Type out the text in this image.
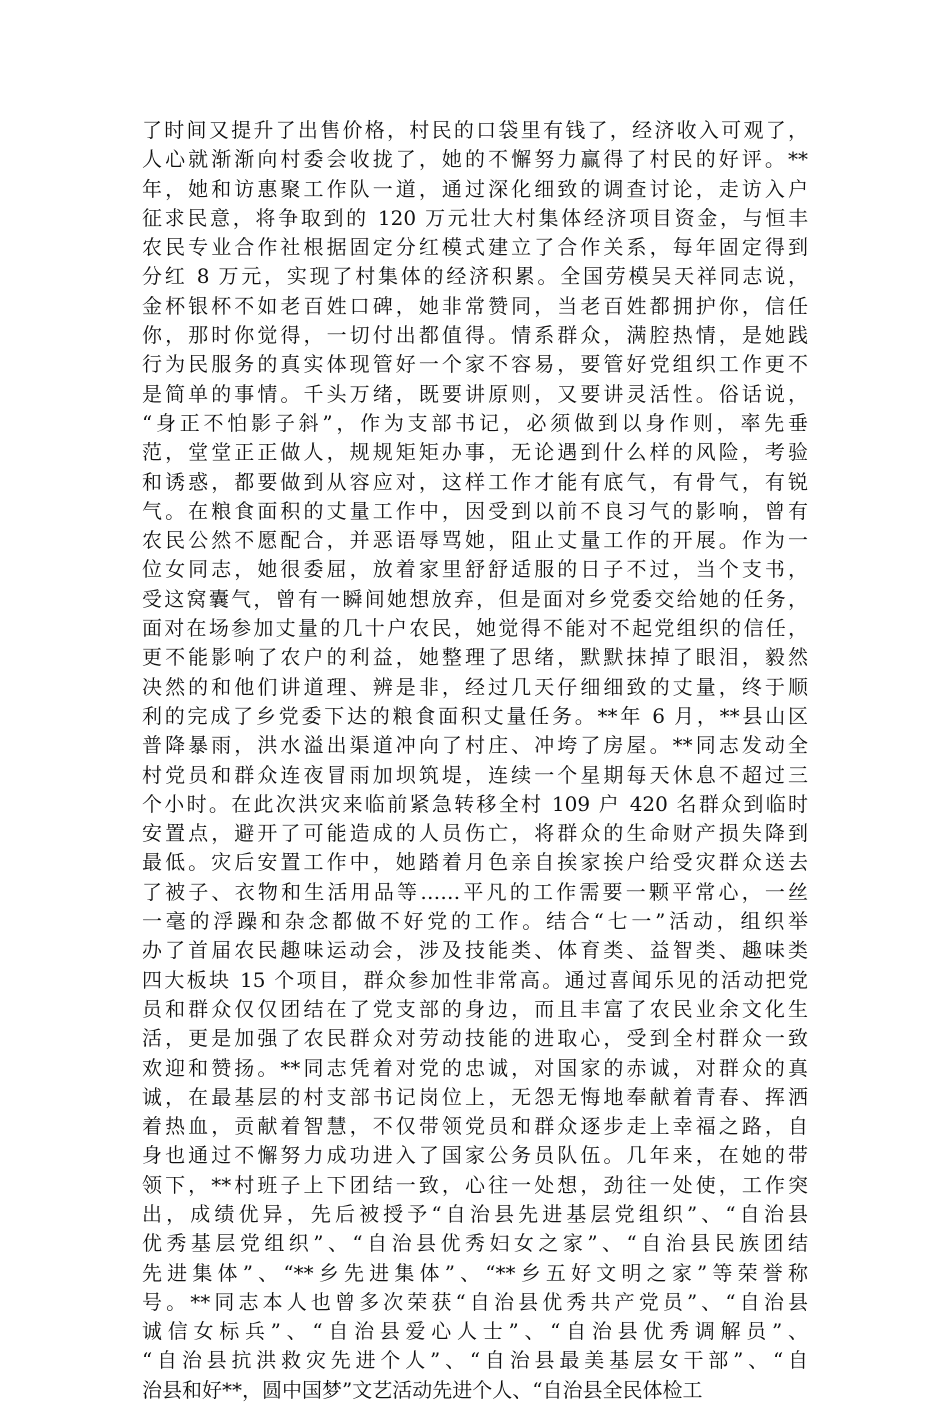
了时间又提升了出售价格，村民的口袋里有钱了，经济收入可观了，
人心就渐渐向村委会收拢了，她的不懈努力赢得了村民的好评。**
年，她和访惠聚工作队一道，通过深化细致的调查讨论，走访入户
征求民意，将争取到的 120 万元壮大村集体经济项目资金，与恒丰
农民专业合作社根据固定分红模式建立了合作关系，每年固定得到
分红 8 万元，实现了村集体的经济积累。全国劳模吴天祥同志说，
金杯银杯不如老百姓口碑，她非常赞同，当老百姓都拥护你，信任
你，那时你觉得，一切付出都值得。情系群众，满腔热情，是她践
行为民服务的真实体现管好一个家不容易，要管好党组织工作更不
是简单的事情。千头万绪，既要讲原则，又要讲灵活性。俗话说，
“身正不怕影子斜”，作为支部书记，必须做到以身作则，率先垂
范，堂堂正正做人，规规矩矩办事，无论遇到什么样的风险，考验
和诱惑，都要做到从容应对，这样工作才能有底气，有骨气，有锐
气。在粮食面积的丈量工作中，因受到以前不良习气的影响，曾有
农民公然不愿配合，并恶语辱骂她，阻止丈量工作的开展。作为一
位女同志，她很委屈，放着家里舒舒适服的日子不过，当个支书，
受这窝囊气，曾有一瞬间她想放弃，但是面对乡党委交给她的任务，
面对在场参加丈量的几十户农民，她觉得不能对不起党组织的信任，
更不能影响了农户的利益，她整理了思绪，默默抹掉了眼泪，毅然
决然的和他们讲道理、辨是非，经过几天仔细细致的丈量，终于顺
利的完成了乡党委下达的粮食面积丈量任务。**年 6 月，**县山区
普降暴雨，洪水溢出渠道冲向了村庄、冲垮了房屋。**同志发动全
村党员和群众连夜冒雨加坝筑堤，连续一个星期每天休息不超过三
个小时。在此次洪灾来临前紧急转移全村 109 户 420 名群众到临时
安置点，避开了可能造成的人员伤亡，将群众的生命财产损失降到
最低。灾后安置工作中，她踏着月色亲自挨家挨户给受灾群众送去
了被子、衣物和生活用品等……平凡的工作需要一颗平常心，一丝
一毫的浮躁和杂念都做不好党的工作。结合“七一”活动，组织举
办了首届农民趣味运动会，涉及技能类、体育类、益智类、趣味类
四大板块 15 个项目，群众参加性非常高。通过喜闻乐见的活动把党
员和群众仅仅团结在了党支部的身边，而且丰富了农民业余文化生
活，更是加强了农民群众对劳动技能的进取心，受到全村群众一致
欢迎和赞扬。**同志凭着对党的忠诚，对国家的赤诚，对群众的真
诚，在最基层的村支部书记岗位上，无怨无悔地奉献着青春、挥洒
着热血，贡献着智慧，不仅带领党员和群众逐步走上幸福之路，自
身也通过不懈努力成功进入了国家公务员队伍。几年来，在她的带
领下，**村班子上下团结一致，心往一处想，劲往一处使，工作突
出，成绩优异，先后被授予“自治县先进基层党组织”、“自治县
优秀基层党组织”、“自治县优秀妇女之家”、“自治县民族团结
先进集体”、“**乡先进集体”、“**乡五好文明之家”等荣誉称
号。**同志本人也曾多次荣获“自治县优秀共产党员”、“自治县
诚信女标兵”、“自治县爱心人士”、“自治县优秀调解员”、
“自治县抗洪救灾先进个人”、“自治县最美基层女干部”、“自
治县和好**，圆中国梦”文艺活动先进个人、“自治县全民体检工
